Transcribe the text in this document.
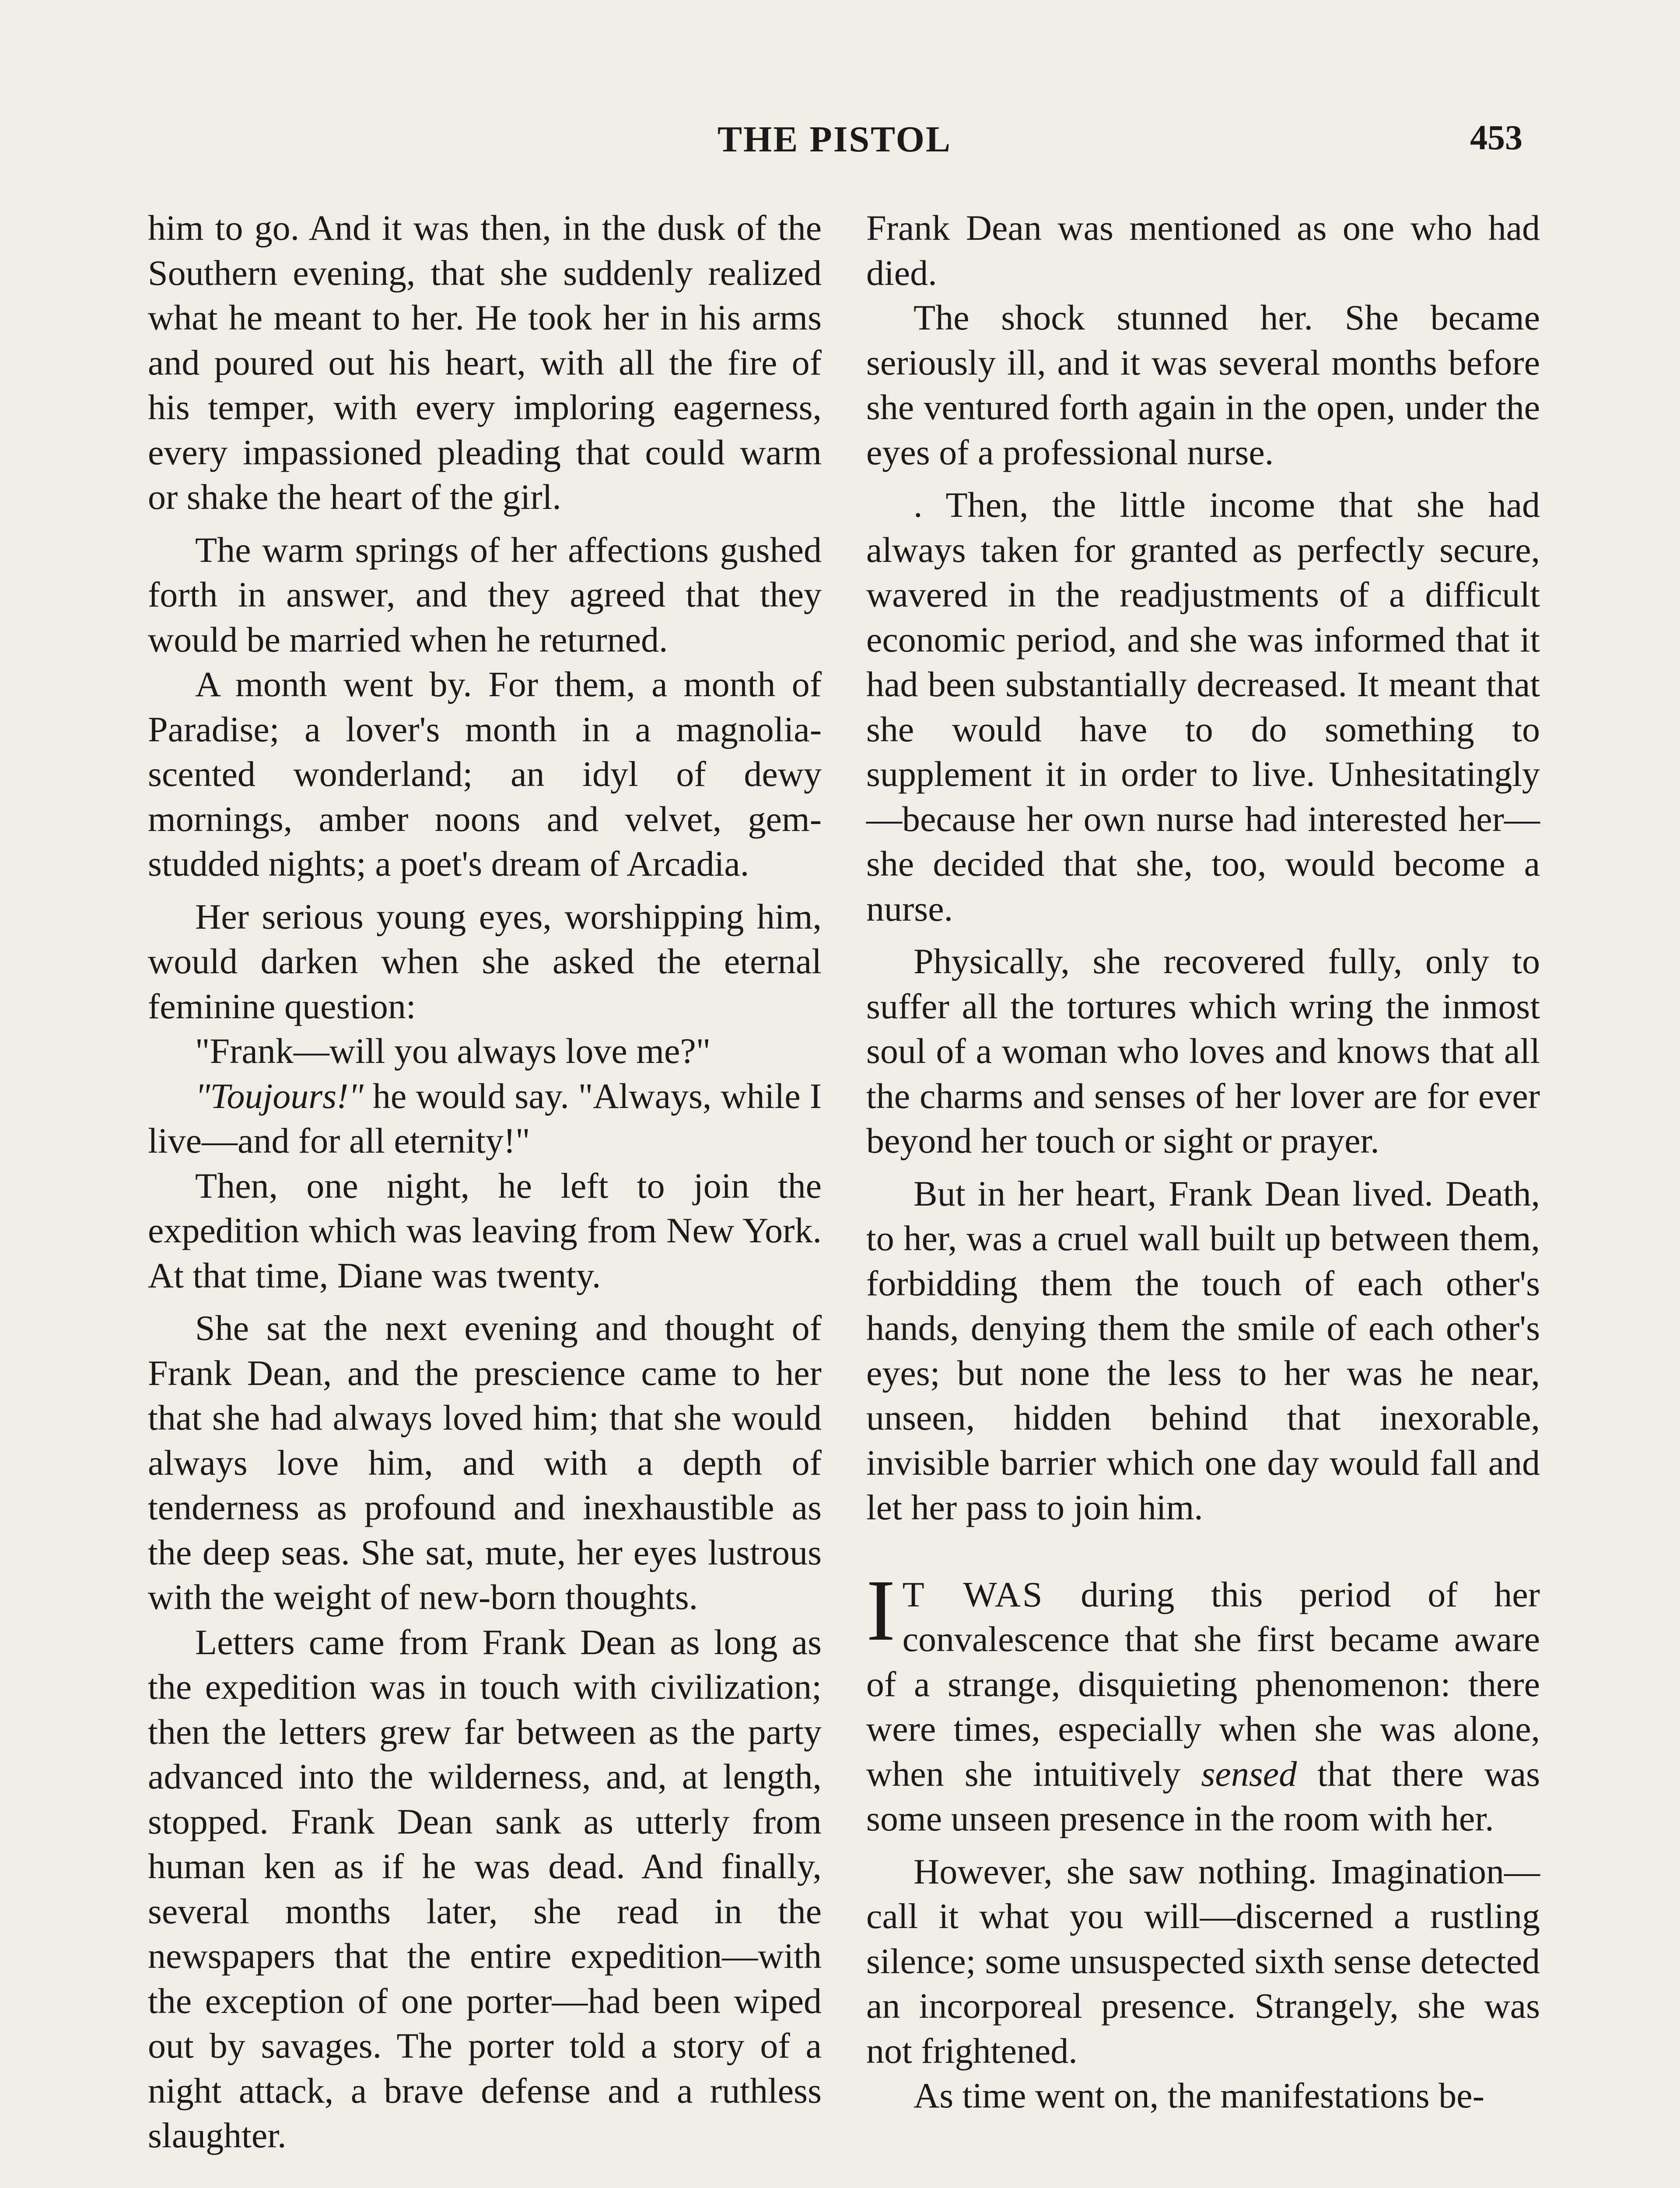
THE PISTOL	453

him to go. And it was then, in the dusk of the Southern evening, that she suddenly realized what he meant to her. He took her in his arms and poured out his heart, with all the fire of his temper, with every imploring eagerness, every impassioned pleading that could warm or shake the heart of the girl.

The warm springs of her affections gushed forth in answer, and they agreed that they would be married when he returned.

A month went by. For them, a month of Paradise; a lover's month in a magnolia-scented wonderland; an idyl of dewy mornings, amber noons and velvet, gem-studded nights; a poet's dream of Arcadia.

Her serious young eyes, worshipping him, would darken when she asked the eternal feminine question:

"Frank—will you always love me?"

"Toujours!" he would say. "Always, while I live—and for all eternity!"

Then, one night, he left to join the expedition which was leaving from New York. At that time, Diane was twenty.

She sat the next evening and thought of Frank Dean, and the prescience came to her that she had always loved him; that she would always love him, and with a depth of tenderness as profound and inexhaustible as the deep seas. She sat, mute, her eyes lustrous with the weight of new-born thoughts.

Letters came from Frank Dean as long as the expedition was in touch with civilization; then the letters grew far between as the party advanced into the wilderness, and, at length, stopped. Frank Dean sank as utterly from human ken as if he was dead. And finally, several months later, she read in the newspapers that the entire expedition—with the exception of one porter—had been wiped out by savages. The porter told a story of a night attack, a brave defense and a ruthless slaughter.

Frank Dean was mentioned as one who had died.

The shock stunned her. She became seriously ill, and it was several months before she ventured forth again in the open, under the eyes of a professional nurse.

. Then, the little income that she had always taken for granted as perfectly secure, wavered in the readjustments of a difficult economic period, and she was informed that it had been substantially decreased. It meant that she would have to do something to supplement it in order to live. Unhesitatingly—because her own nurse had interested her—she decided that she, too, would become a nurse.

Physically, she recovered fully, only to suffer all the tortures which wring the inmost soul of a woman who loves and knows that all the charms and senses of her lover are for ever beyond her touch or sight or prayer.

But in her heart, Frank Dean lived. Death, to her, was a cruel wall built up between them, forbidding them the touch of each other's hands, denying them the smile of each other's eyes; but none the less to her was he near, unseen, hidden behind that inexorable, invisible barrier which one day would fall and let her pass to join him.

I T WAS during this period of her convalescence that she first became aware of a strange, disquieting phenomenon: there were times, especially when she was alone, when she intuitively sensed that there was some unseen presence in the room with her.

However, she saw nothing. Imagination—call it what you will—discerned a rustling silence; some unsuspected sixth sense detected an incorporeal presence. Strangely, she was not frightened.

As time went on, the manifestations be-
